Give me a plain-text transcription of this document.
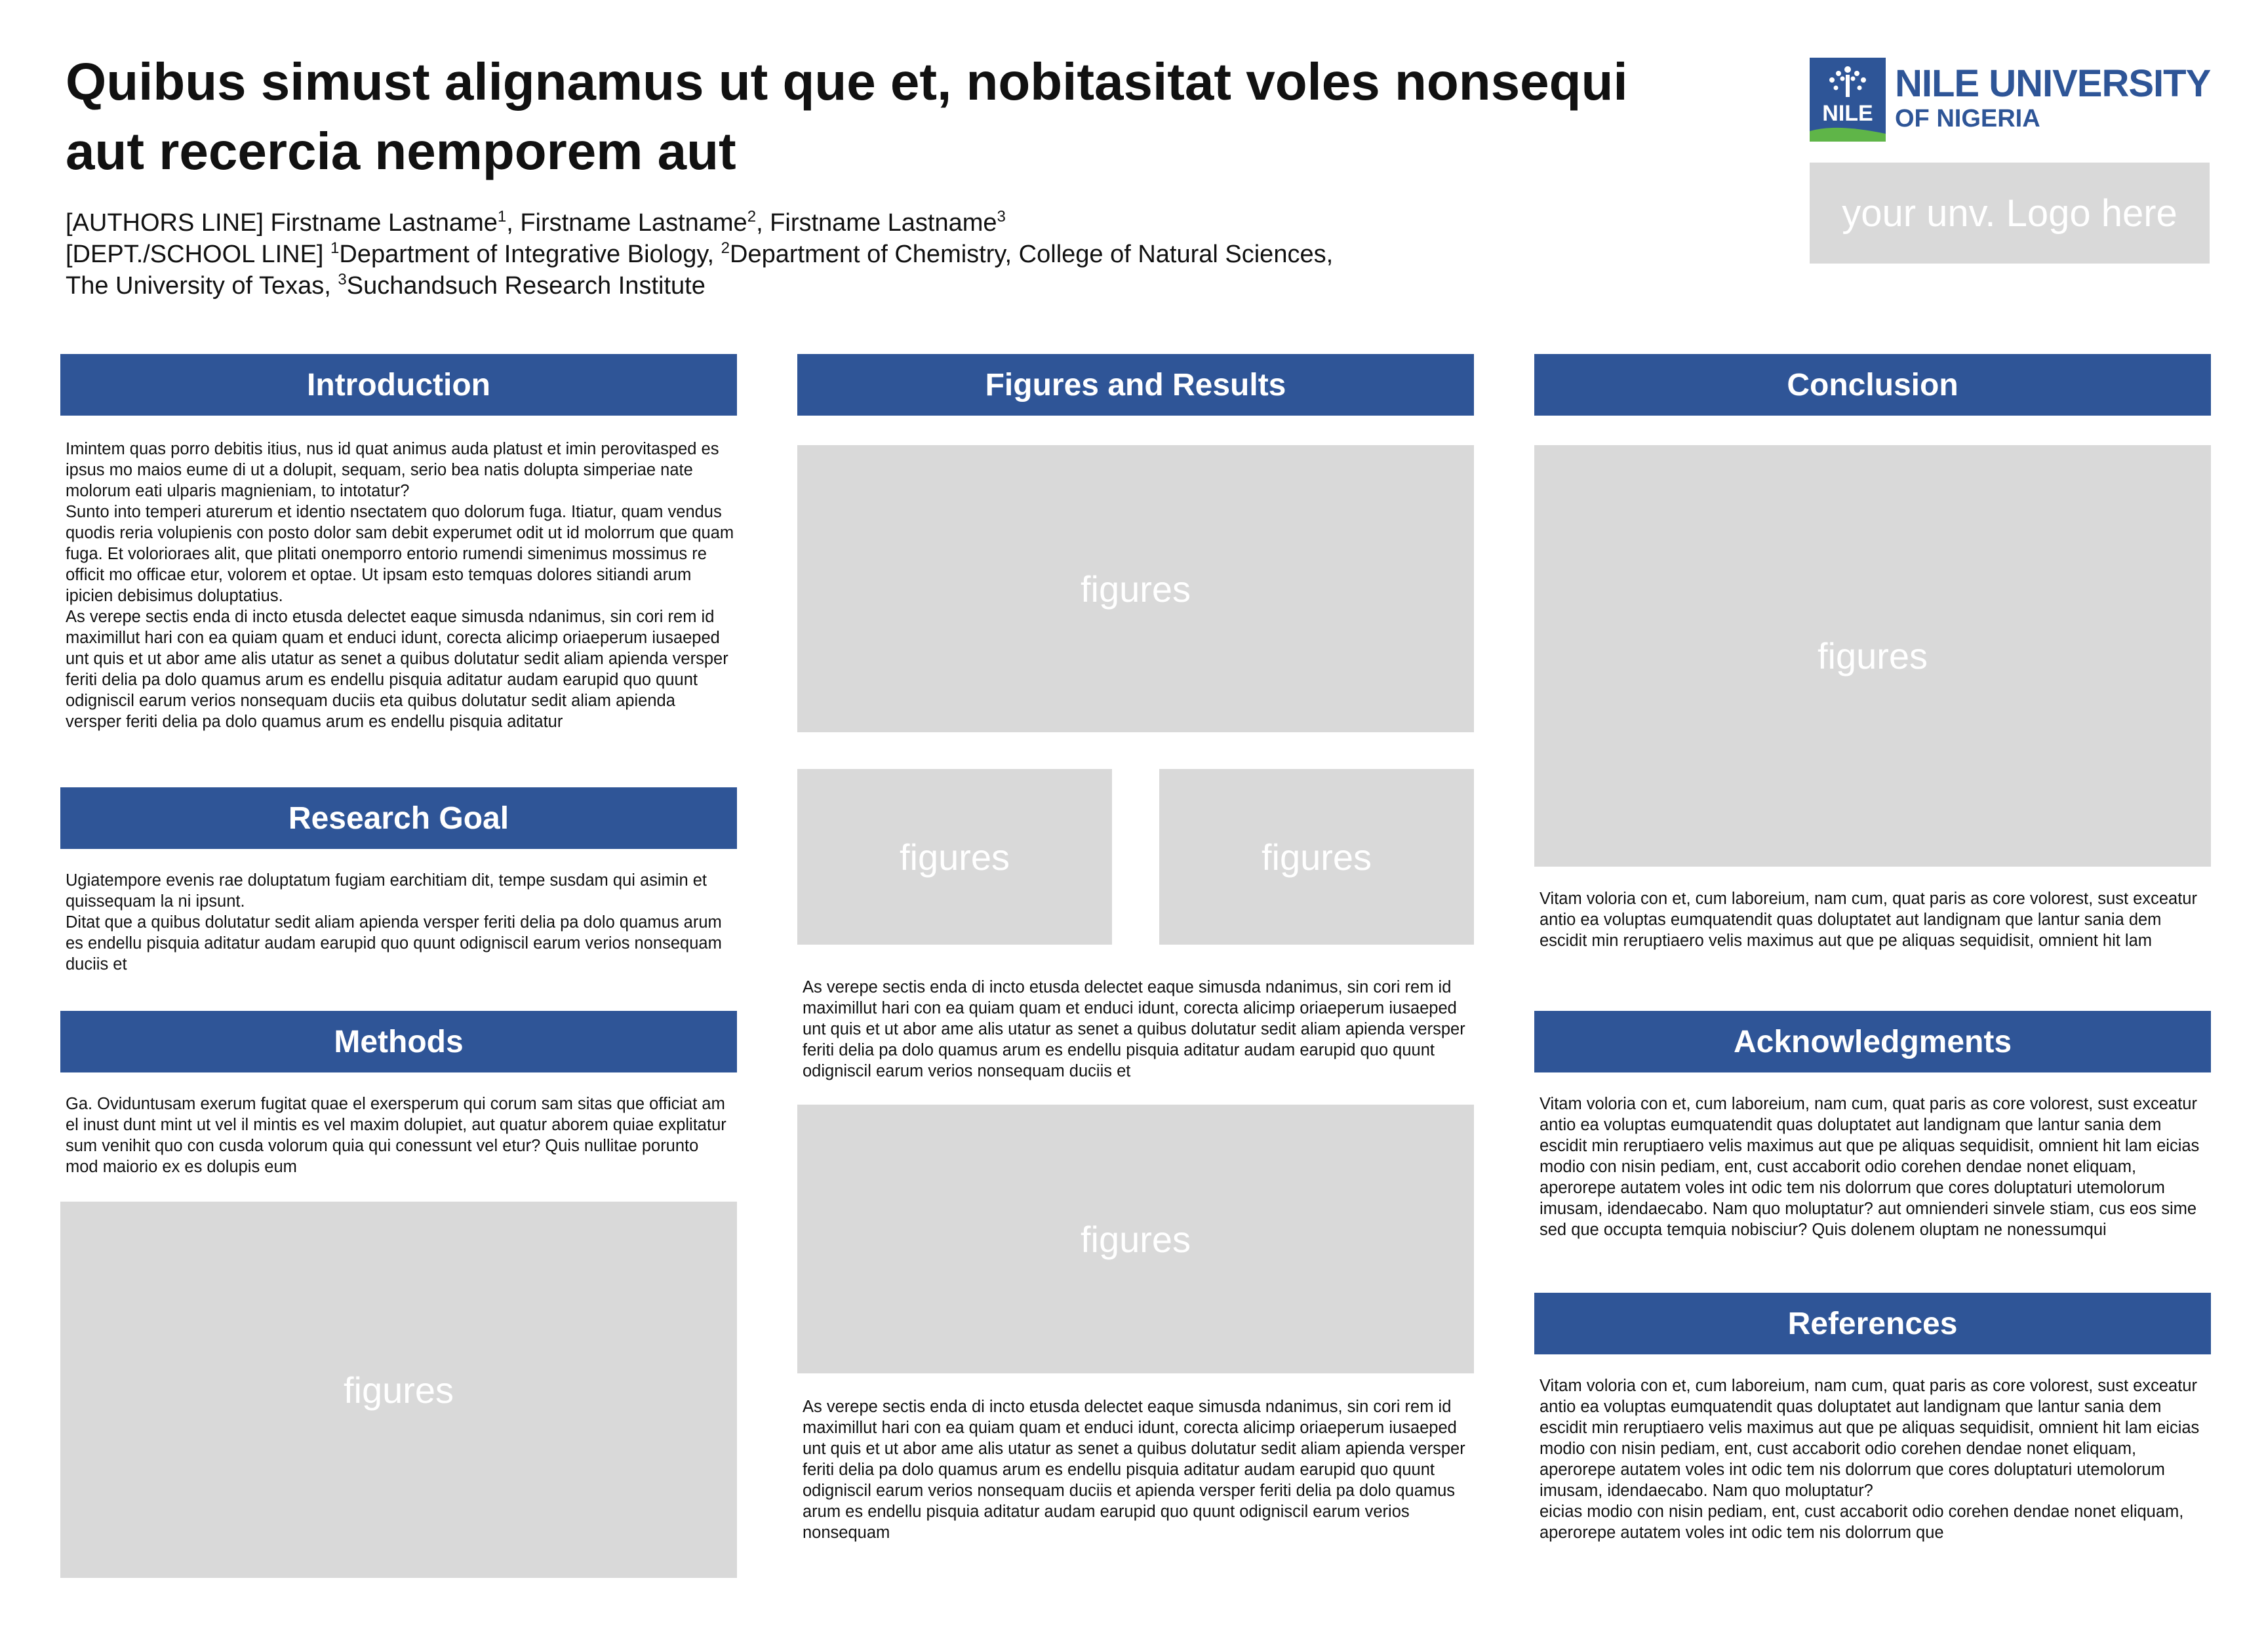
Quibus simust alignamus ut que et, nobitasitat voles nonsequi aut recercia nemporem aut
[AUTHORS LINE] Firstname Lastname$^1$, Firstname Lastname$^2$, Firstname Lastname$^3$
[DEPT./SCHOOL LINE] $^1$Department of Integrative Biology, $^2$Department of Chemistry, College of Natural Sciences,
The University of Texas, $^3$Suchandsuch Research Institute
NILE
NILE UNIVERSITY
OF NIGERIA
your unv. Logo here
Introduction
Imintem quas porro debitis itius, nus id quat animus auda platust et imin perovitasped es ipsus mo maios eume di ut a dolupit, sequam, serio bea natis dolupta simperiae nate molorum eati ulparis magnieniam, to intotatur?
Sunto into temperi aturerum et identio nsectatem quo dolorum fuga. Itiatur, quam vendus quodis reria volupienis con posto dolor sam debit experumet odit ut id molorrum que quam fuga. Et volorioraes alit, que plitati onemporro entorio rumendi simenimus mossimus re officit mo officae etur, volorem et optae. Ut ipsam esto temquas dolores sitiandi arum ipicien debisimus doluptatius.
As verepe sectis enda di incto etusda delectet eaque simusda ndanimus, sin cori rem id maximillut hari con ea quiam quam et enduci idunt, corecta alicimp oriaeperum iusaeped unt quis et ut abor ame alis utatur as senet a quibus dolutatur sedit aliam apienda versper feriti delia pa dolo quamus arum es endellu pisquia aditatur audam earupid quo quunt odigniscil earum verios nonsequam duciis eta quibus dolutatur sedit aliam apienda versper feriti delia pa dolo quamus arum es endellu pisquia aditatur
Research Goal
Ugiatempore evenis rae doluptatum fugiam earchitiam dit, tempe susdam qui asimin et quissequam la ni ipsunt.
Ditat que a quibus dolutatur sedit aliam apienda versper feriti delia pa dolo quamus arum es endellu pisquia aditatur audam earupid quo quunt odigniscil earum verios nonsequam duciis et
Methods
Ga. Oviduntusam exerum fugitat quae el exersperum qui corum sam sitas que officiat am el inust dunt mint ut vel il mintis es vel maxim dolupiet, aut quatur aborem quiae explitatur sum venihit quo con cusda volorum quia qui conessunt vel etur? Quis nullitae porunto mod maiorio ex es dolupis eum
figures
Figures and Results
figures
figures	figures
As verepe sectis enda di incto etusda delectet eaque simusda ndanimus, sin cori rem id maximillut hari con ea quiam quam et enduci idunt, corecta alicimp oriaeperum iusaeped unt quis et ut abor ame alis utatur as senet a quibus dolutatur sedit aliam apienda versper feriti delia pa dolo quamus arum es endellu pisquia aditatur audam earupid quo quunt odigniscil earum verios nonsequam duciis et
figures
As verepe sectis enda di incto etusda delectet eaque simusda ndanimus, sin cori rem id maximillut hari con ea quiam quam et enduci idunt, corecta alicimp oriaeperum iusaeped unt quis et ut abor ame alis utatur as senet a quibus dolutatur sedit aliam apienda versper feriti delia pa dolo quamus arum es endellu pisquia aditatur audam earupid quo quunt odigniscil earum verios nonsequam duciis et apienda versper feriti delia pa dolo quamus arum es endellu pisquia aditatur audam earupid quo quunt odigniscil earum verios nonsequam
Conclusion
figures
Vitam voloria con et, cum laboreium, nam cum, quat paris as core volorest, sust exceatur antio ea voluptas eumquatendit quas doluptatet aut landignam que lantur sania dem escidit min reruptiaero velis maximus aut que pe aliquas sequidisit, omnient hit lam
Acknowledgments
Vitam voloria con et, cum laboreium, nam cum, quat paris as core volorest, sust exceatur antio ea voluptas eumquatendit quas doluptatet aut landignam que lantur sania dem escidit min reruptiaero velis maximus aut que pe aliquas sequidisit, omnient hit lam eicias modio con nisin pediam, ent, cust accaborit odio corehen dendae nonet eliquam, aperorepe autatem voles int odic tem nis dolorrum que cores doluptaturi utemolorum imusam, idendaecabo. Nam quo moluptatur? aut omnienderi sinvele stiam, cus eos sime sed que occupta temquia nobisciur? Quis dolenem oluptam ne nonessumqui
References
Vitam voloria con et, cum laboreium, nam cum, quat paris as core volorest, sust exceatur antio ea voluptas eumquatendit quas doluptatet aut landignam que lantur sania dem escidit min reruptiaero velis maximus aut que pe aliquas sequidisit, omnient hit lam eicias modio con nisin pediam, ent, cust accaborit odio corehen dendae nonet eliquam, aperorepe autatem voles int odic tem nis dolorrum que cores doluptaturi utemolorum imusam, idendaecabo. Nam quo moluptatur?
eicias modio con nisin pediam, ent, cust accaborit odio corehen dendae nonet eliquam, aperorepe autatem voles int odic tem nis dolorrum que
